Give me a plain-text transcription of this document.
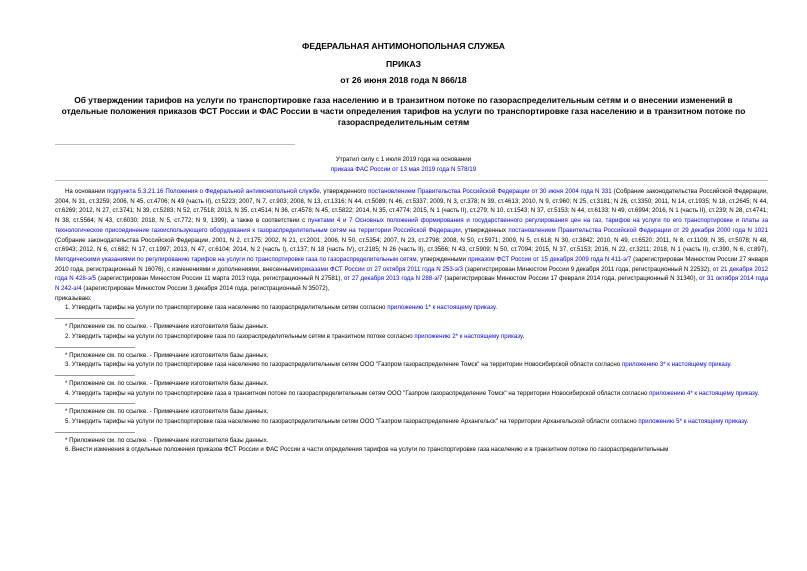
ФЕДЕРАЛЬНАЯ АНТИМОНОПОЛЬНАЯ СЛУЖБА
ПРИКАЗ
от 26 июня 2018 года N 866/18
Об утверждении тарифов на услуги по транспортировке газа населению и в транзитном потоке по газораспределительным сетям и о внесении изменений в отдельные положения приказов ФСТ России и ФАС России в части определения тарифов на услуги по транспортировке газа населению и в транзитном потоке по газораспределительным сетям
Утратил силу с 1 июля 2019 года на основании
приказа ФАС России от 13 мая 2019 года N 578/19

На основании подпункта 5.3.21.16 Положения о Федеральной антимонопольной службе, утвержденного постановлением Правительства Российской Федерации от 30 июня 2004 года N 331 (Собрание законодательства Российской Федерации, 2004, N 31, ст.3259; 2006, N 45, ст.4706; N 49 (часть II), ст.5223; 2007, N 7, ст.903; 2008, N 13, ст.1316; N 44, ст.5089; N 46, ст.5337; 2009, N 3, ст.378; N 39, ст.4613; 2010, N 9, ст.960; N 25, ст.3181; N 26, ст.3350; 2011, N 14, ст.1935; N 18, ст.2645; N 44, ст.6269; 2012, N 27, ст.3741; N 39, ст.5283; N 52, ст.7518; 2013, N 35, ст.4514; N 36, ст.4578; N 45, ст.5822; 2014, N 35, ст.4774; 2015, N 1 (часть II), ст.279; N 10, ст.1543; N 37, ст.5153; N 44, ст.6133; N 49, ст.6994; 2016, N 1 (часть II), ст.239; N 28, ст.4741; N 38, ст.5564; N 43, ст.6030; 2018, N 5, ст.772; N 9, 1399), а также в соответствии с пунктами 4 и 7 Основных положений формирования и государственного регулирования цен на газ, тарифов на услуги по его транспортировке и платы за технологическое присоединение газоиспользующего оборудования к газораспределительным сетям на территории Российской Федерации, утвержденных постановлением Правительства Российской Федерации от 29 декабря 2000 года N 1021 (Собрание законодательства Российской Федерации, 2001, N 2, ст.175; 2002, N 21, ст.2001; 2006, N 50, ст.5354; 2007, N 23, ст.2798; 2008, N 50, ст.5971; 2009, N 5, ст.618; N 30, ст.3842; 2010, N 49, ст.6520; 2011, N 8, ст.1109; N 35, ст.5078; N 48, ст.6943; 2012, N 6, ст.682; N 17, ст.1997; 2013, N 47, ст.6104; 2014, N 2 (часть I), ст.137; N 18 (часть IV), ст.2185; N 26 (часть II), ст.3566; N 43, ст.5909; N 50, ст.7094; 2015, N 37, ст.5153; 2016, N 22, ст.3211; 2018, N 1 (часть II), ст.390, N 6, ст.897), Методическими указаниями по регулированию тарифов на услуги по транспортировке газа по газораспределительным сетям, утвержденными приказом ФСТ России от 15 декабря 2009 года N 411-э/7 (зарегистрирован Минюстом России 27 января 2010 года, регистрационный N 16076), с изменениями и дополнениями, внесеннымиприказами ФСТ России от 27 октября 2011 года N 253-э/3 (зарегистрирован Минюстом России 9 декабря 2011 года, регистрационный N 22532), от 21 декабря 2012 года N 428-э/5 (зарегистрирован Минюстом России 11 марта 2013 года, регистрационный N 27581), от 27 декабря 2013 года N 288-э/7 (зарегистрирован Минюстом России 17 февраля 2014 года, регистрационный N 31340), от 31 октября 2014 года N 242-э/4 (зарегистрирован Минюстом России 3 декабря 2014 года, регистрационный N 35072),

приказываю:

1. Утвердить тарифы на услуги по транспортировке газа населению по газораспределительным сетям согласно приложению 1* к настоящему приказу.

* Приложение см. по ссылке. - Примечание изготовителя базы данных.

2. Утвердить тарифы на услуги по транспортировке газа по газораспределительным сетям в транзитном потоке согласно приложению 2* к настоящему приказу.

* Приложение см. по ссылке. - Примечание изготовителя базы данных.

3. Утвердить тарифы на услуги по транспортировке газа населению по газораспределительным сетям ООО "Газпром газораспределение Томск" на территории Новосибирской области согласно приложению 3* к настоящему приказу.

* Приложение см. по ссылке. - Примечание изготовителя базы данных.

4. Утвердить тарифы на услуги по транспортировке газа в транзитном потоке по газораспределительным сетям ООО "Газпром газораспределение Томск" на территории Новосибирской области согласно приложению 4* к настоящему приказу.

* Приложение см. по ссылке. - Примечание изготовителя базы данных.

5. Утвердить тарифы на услуги по транспортировке газа населению по газораспределительным сетям ООО "Газпром газораспределение Архангельск" на территории Архангельской области согласно приложению 5* к настоящему приказу.

* Приложение см. по ссылке. - Примечание изготовителя базы данных.

6. Внести изменения в отдельные положения приказов ФСТ России и ФАС России в части определения тарифов на услуги по транспортировке газа населению и в транзитном потоке по газораспределительным
